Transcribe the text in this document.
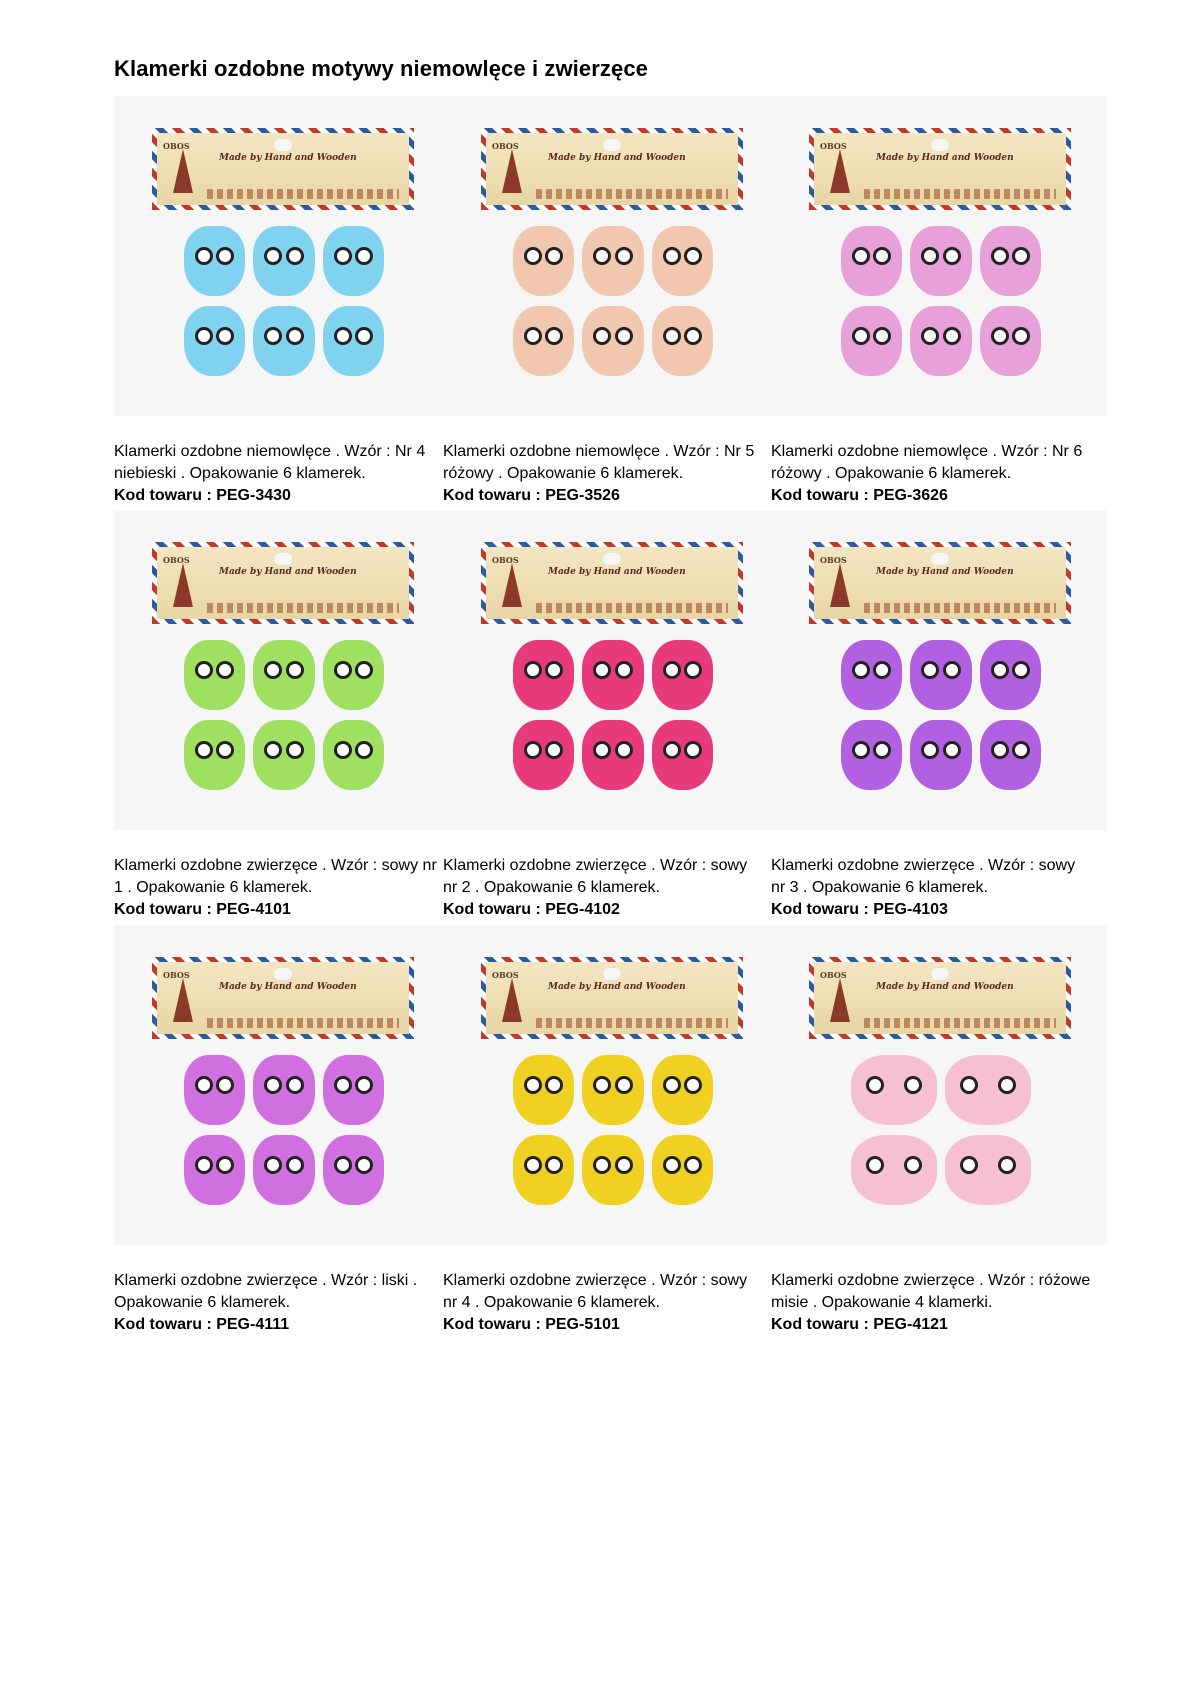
Klamerki ozdobne motywy niemowlęce i zwierzęce
OBOS
Made by Hand and Wooden
Klamerki ozdobne niemowlęce . Wzór : Nr 4
niebieski . Opakowanie 6 klamerek.
Kod towaru : PEG-3430
OBOS
Made by Hand and Wooden
Klamerki ozdobne niemowlęce . Wzór : Nr 5
różowy . Opakowanie 6 klamerek.
Kod towaru : PEG-3526
OBOS
Made by Hand and Wooden
Klamerki ozdobne niemowlęce . Wzór : Nr 6
różowy . Opakowanie 6 klamerek.
Kod towaru : PEG-3626
OBOS
Made by Hand and Wooden
Klamerki ozdobne zwierzęce . Wzór : sowy nr
1 . Opakowanie 6 klamerek.
Kod towaru : PEG-4101
OBOS
Made by Hand and Wooden
Klamerki ozdobne zwierzęce . Wzór : sowy
nr 2 . Opakowanie 6 klamerek.
Kod towaru : PEG-4102
OBOS
Made by Hand and Wooden
Klamerki ozdobne zwierzęce . Wzór : sowy
nr 3 . Opakowanie 6 klamerek.
Kod towaru : PEG-4103
OBOS
Made by Hand and Wooden
Klamerki ozdobne zwierzęce . Wzór : liski .
Opakowanie 6 klamerek.
Kod towaru : PEG-4111
OBOS
Made by Hand and Wooden
Klamerki ozdobne zwierzęce . Wzór : sowy
nr 4 . Opakowanie 6 klamerek.
Kod towaru : PEG-5101
OBOS
Made by Hand and Wooden
Klamerki ozdobne zwierzęce . Wzór : różowe
misie . Opakowanie 4 klamerki.
Kod towaru : PEG-4121
